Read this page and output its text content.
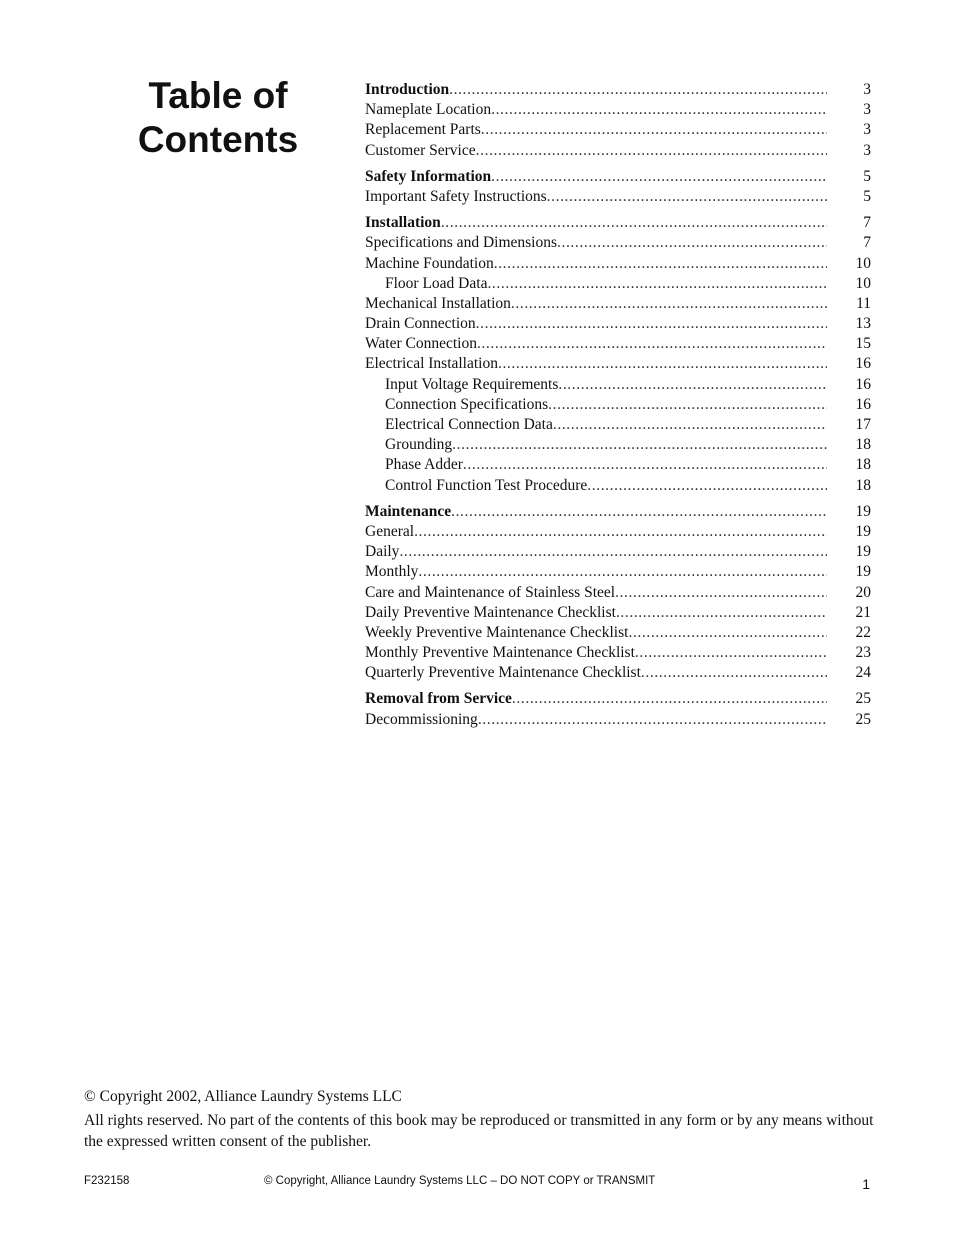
Table of
Contents
Introduction .....	3
Nameplate Location .....	3
Replacement Parts .....	3
Customer Service .....	3
Safety Information .....	5
Important Safety Instructions .....	5
Installation .....	7
Specifications and Dimensions .....	7
Machine Foundation .....	10
Floor Load Data .....	10
Mechanical Installation .....	11
Drain Connection .....	13
Water Connection .....	15
Electrical Installation .....	16
Input Voltage Requirements .....	16
Connection Specifications .....	16
Electrical Connection Data .....	17
Grounding .....	18
Phase Adder .....	18
Control Function Test Procedure .....	18
Maintenance .....	19
General .....	19
Daily .....	19
Monthly .....	19
Care and Maintenance of Stainless Steel .....	20
Daily Preventive Maintenance Checklist .....	21
Weekly Preventive Maintenance Checklist .....	22
Monthly Preventive Maintenance Checklist .....	23
Quarterly Preventive Maintenance Checklist .....	24
Removal from Service .....	25
Decommissioning .....	25
© Copyright 2002, Alliance Laundry Systems LLC
All rights reserved. No part of the contents of this book may be reproduced or transmitted in any form or by any means without the expressed written consent of the publisher.
F232158	© Copyright, Alliance Laundry Systems LLC – DO NOT COPY or TRANSMIT	1
